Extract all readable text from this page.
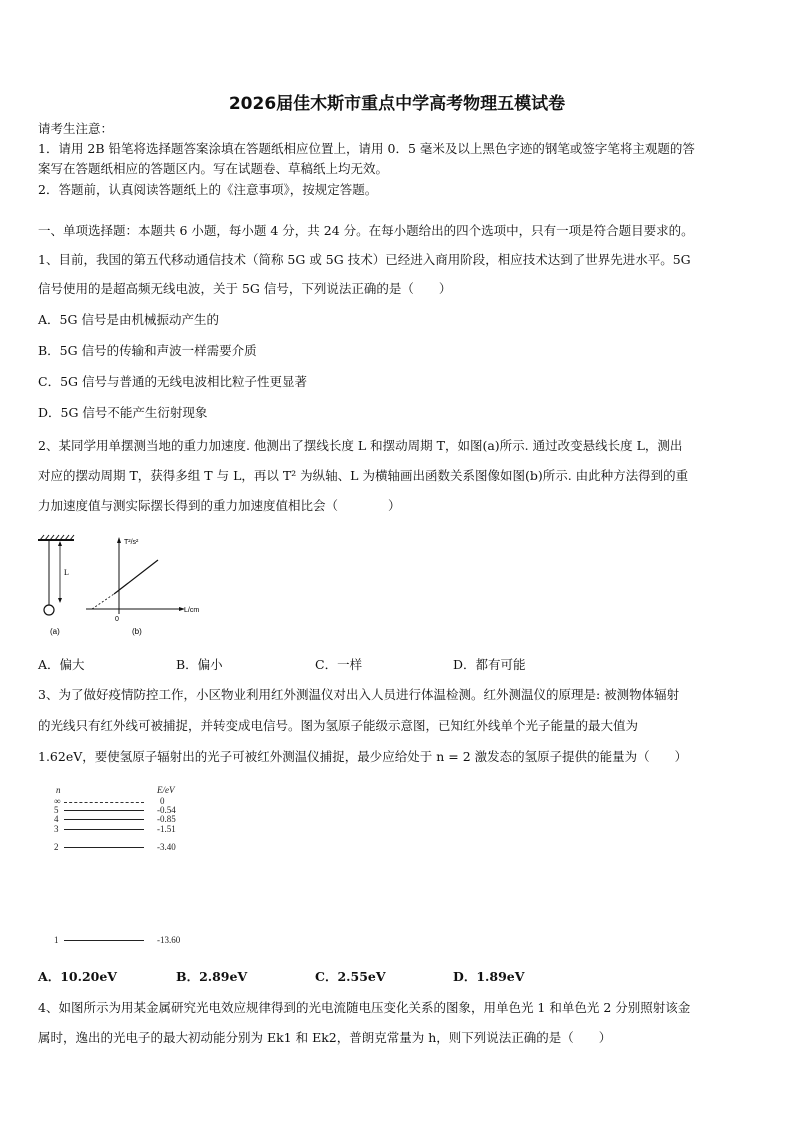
2026届佳木斯市重点中学高考物理五模试卷
请考生注意：
1．请用 2B 铅笔将选择题答案涂填在答题纸相应位置上，请用 0．5 毫米及以上黑色字迹的钢笔或签字笔将主观题的答
案写在答题纸相应的答题区内。写在试题卷、草稿纸上均无效。
2．答题前，认真阅读答题纸上的《注意事项》，按规定答题。
一、单项选择题：本题共 6 小题，每小题 4 分，共 24 分。在每小题给出的四个选项中，只有一项是符合题目要求的。
1、目前，我国的第五代移动通信技术（简称 5G 或 5G 技术）已经进入商用阶段，相应技术达到了世界先进水平。5G
信号使用的是超高频无线电波，关于 5G 信号，下列说法正确的是（　　）
A．5G 信号是由机械振动产生的
B．5G 信号的传输和声波一样需要介质
C．5G 信号与普通的无线电波相比粒子性更显著
D．5G 信号不能产生衍射现象
2、某同学用单摆测当地的重力加速度. 他测出了摆线长度 L 和摆动周期 T，如图(a)所示. 通过改变悬线长度 L，测出
对应的摆动周期 T，获得多组 T 与 L，再以 T² 为纵轴、L 为横轴画出函数关系图像如图(b)所示. 由此种方法得到的重
力加速度值与测实际摆长得到的重力加速度值相比会（　　　　）
L
(a)
T²/s²
L/cm
0
(b)
A．偏大	B．偏小	C．一样	D．都有可能
3、为了做好疫情防控工作，小区物业利用红外测温仪对出入人员进行体温检测。红外测温仪的原理是: 被测物体辐射
的光线只有红外线可被捕捉，并转变成电信号。图为氢原子能级示意图，已知红外线单个光子能量的最大值为
1.62eV，要使氢原子辐射出的光子可被红外测温仪捕捉，最少应给处于 n = 2 激发态的氢原子提供的能量为（　　）
n	E/eV
∞	0
5	-0.54
4	-0.85
3	-1.51
2	-3.40
1	-13.60
A．10.20eV	B．2.89eV	C．2.55eV	D．1.89eV
4、如图所示为用某金属研究光电效应规律得到的光电流随电压变化关系的图象，用单色光 1 和单色光 2 分别照射该金
属时，逸出的光电子的最大初动能分别为 Ek1 和 Ek2，普朗克常量为 h，则下列说法正确的是（　　）
